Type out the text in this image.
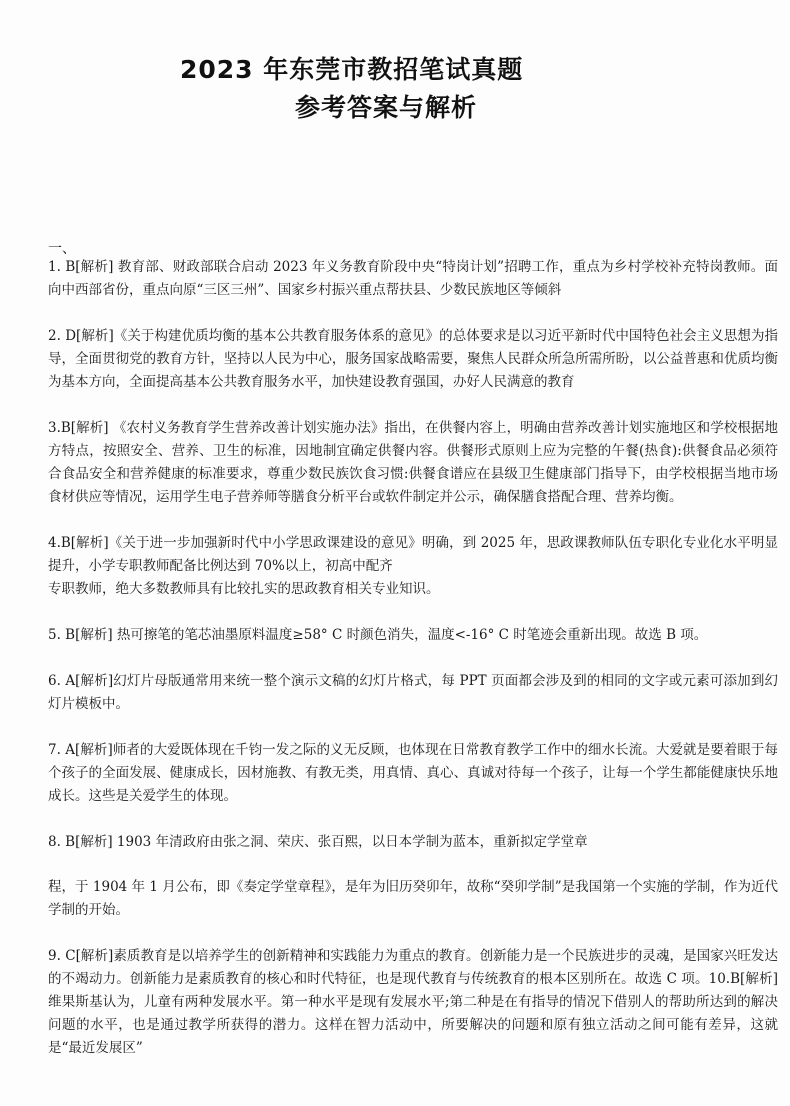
2023 年东莞市教招笔试真题
参考答案与解析

一、

1. B[解析] 教育部、财政部联合启动 2023 年义务教育阶段中央“特岗计划”招聘工作，重点为乡村学校补充特岗教师。面向中西部省份，重点向原“三区三州”、国家乡村振兴重点帮扶县、少数民族地区等倾斜

2. D[解析]《关于构建优质均衡的基本公共教育服务体系的意见》的总体要求是以习近平新时代中国特色社会主义思想为指导，全面贯彻党的教育方针，坚持以人民为中心，服务国家战略需要，聚焦人民群众所急所需所盼，以公益普惠和优质均衡为基本方向，全面提高基本公共教育服务水平，加快建设教育强国，办好人民满意的教育

3.B[解析] 《农村义务教育学生营养改善计划实施办法》指出，在供餐内容上，明确由营养改善计划实施地区和学校根据地方特点，按照安全、营养、卫生的标准，因地制宜确定供餐内容。供餐形式原则上应为完整的午餐(热食):供餐食品必须符合食品安全和营养健康的标准要求，尊重少数民族饮食习惯:供餐食谱应在县级卫生健康部门指导下，由学校根据当地市场食材供应等情况，运用学生电子营养师等膳食分析平台或软件制定并公示，确保膳食搭配合理、营养均衡。

4.B[解析]《关于进一步加强新时代中小学思政课建设的意见》明确，到 2025 年，思政课教师队伍专职化专业化水平明显提升，小学专职教师配备比例达到 70%以上，初高中配齐

专职教师，绝大多数教师具有比较扎实的思政教育相关专业知识。

5. B[解析] 热可擦笔的笔芯油墨原料温度≥58° C 时颜色消失，温度<-16° C 时笔迹会重新出现。故选 B 项。

6. A[解析]幻灯片母版通常用来统一整个演示文稿的幻灯片格式，每 PPT 页面都会涉及到的相同的文字或元素可添加到幻灯片模板中。

7. A[解析]师者的大爱既体现在千钧一发之际的义无反顾，也体现在日常教育教学工作中的细水长流。大爱就是要着眼于每个孩子的全面发展、健康成长，因材施教、有教无类，用真情、真心、真诚对待每一个孩子，让每一个学生都能健康快乐地成长。这些是关爱学生的体现。

8. B[解析] 1903 年清政府由张之洞、荣庆、张百熙，以日本学制为蓝本，重新拟定学堂章

程，于 1904 年 1 月公布，即《奏定学堂章程》，是年为旧历癸卯年，故称“癸卯学制”是我国第一个实施的学制，作为近代学制的开始。

9. C[解析]素质教育是以培养学生的创新精神和实践能力为重点的教育。创新能力是一个民族进步的灵魂，是国家兴旺发达的不竭动力。创新能力是素质教育的核心和时代特征，也是现代教育与传统教育的根本区别所在。故选 C 项。10.B[解析]维果斯基认为，儿童有两种发展水平。第一种水平是现有发展水平;第二种是在有指导的情况下借别人的帮助所达到的解决问题的水平，也是通过教学所获得的潜力。这样在智力活动中，所要解决的问题和原有独立活动之间可能有差异，这就是“最近发展区”
